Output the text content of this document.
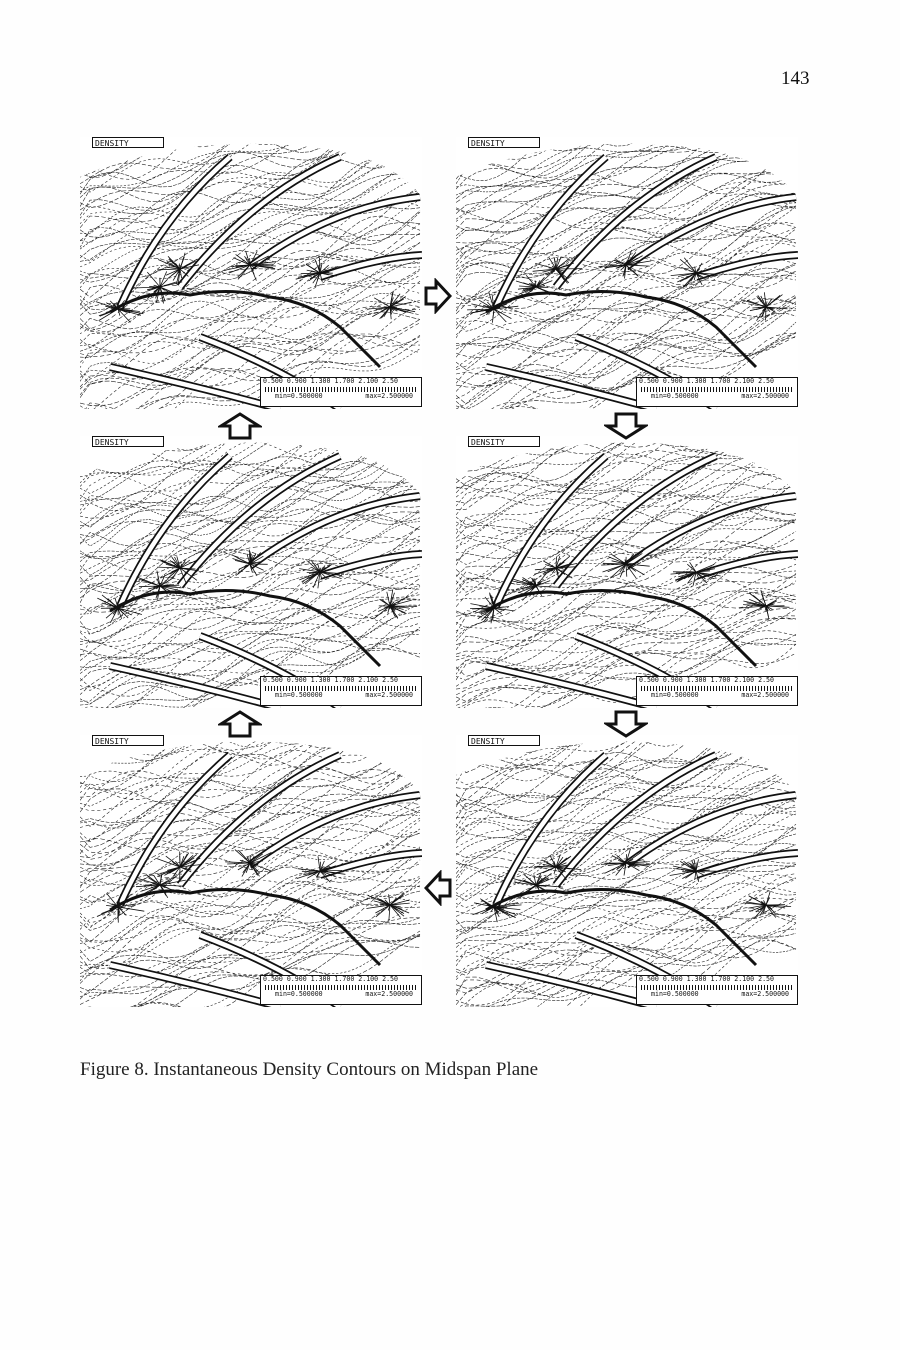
143
DENSITY
0.500 0.900 1.300 1.700 2.100 2.50
min=0.500000	max=2.500000
DENSITY
0.500 0.900 1.300 1.700 2.100 2.50
min=0.500000	max=2.500000
DENSITY
0.500 0.900 1.300 1.700 2.100 2.50
min=0.500000	max=2.500000
DENSITY
0.500 0.900 1.300 1.700 2.100 2.50
min=0.500000	max=2.500000
DENSITY
0.500 0.900 1.300 1.700 2.100 2.50
min=0.500000	max=2.500000
DENSITY
0.500 0.900 1.300 1.700 2.100 2.50
min=0.500000	max=2.500000
Figure 8. Instantaneous Density Contours on Midspan Plane
